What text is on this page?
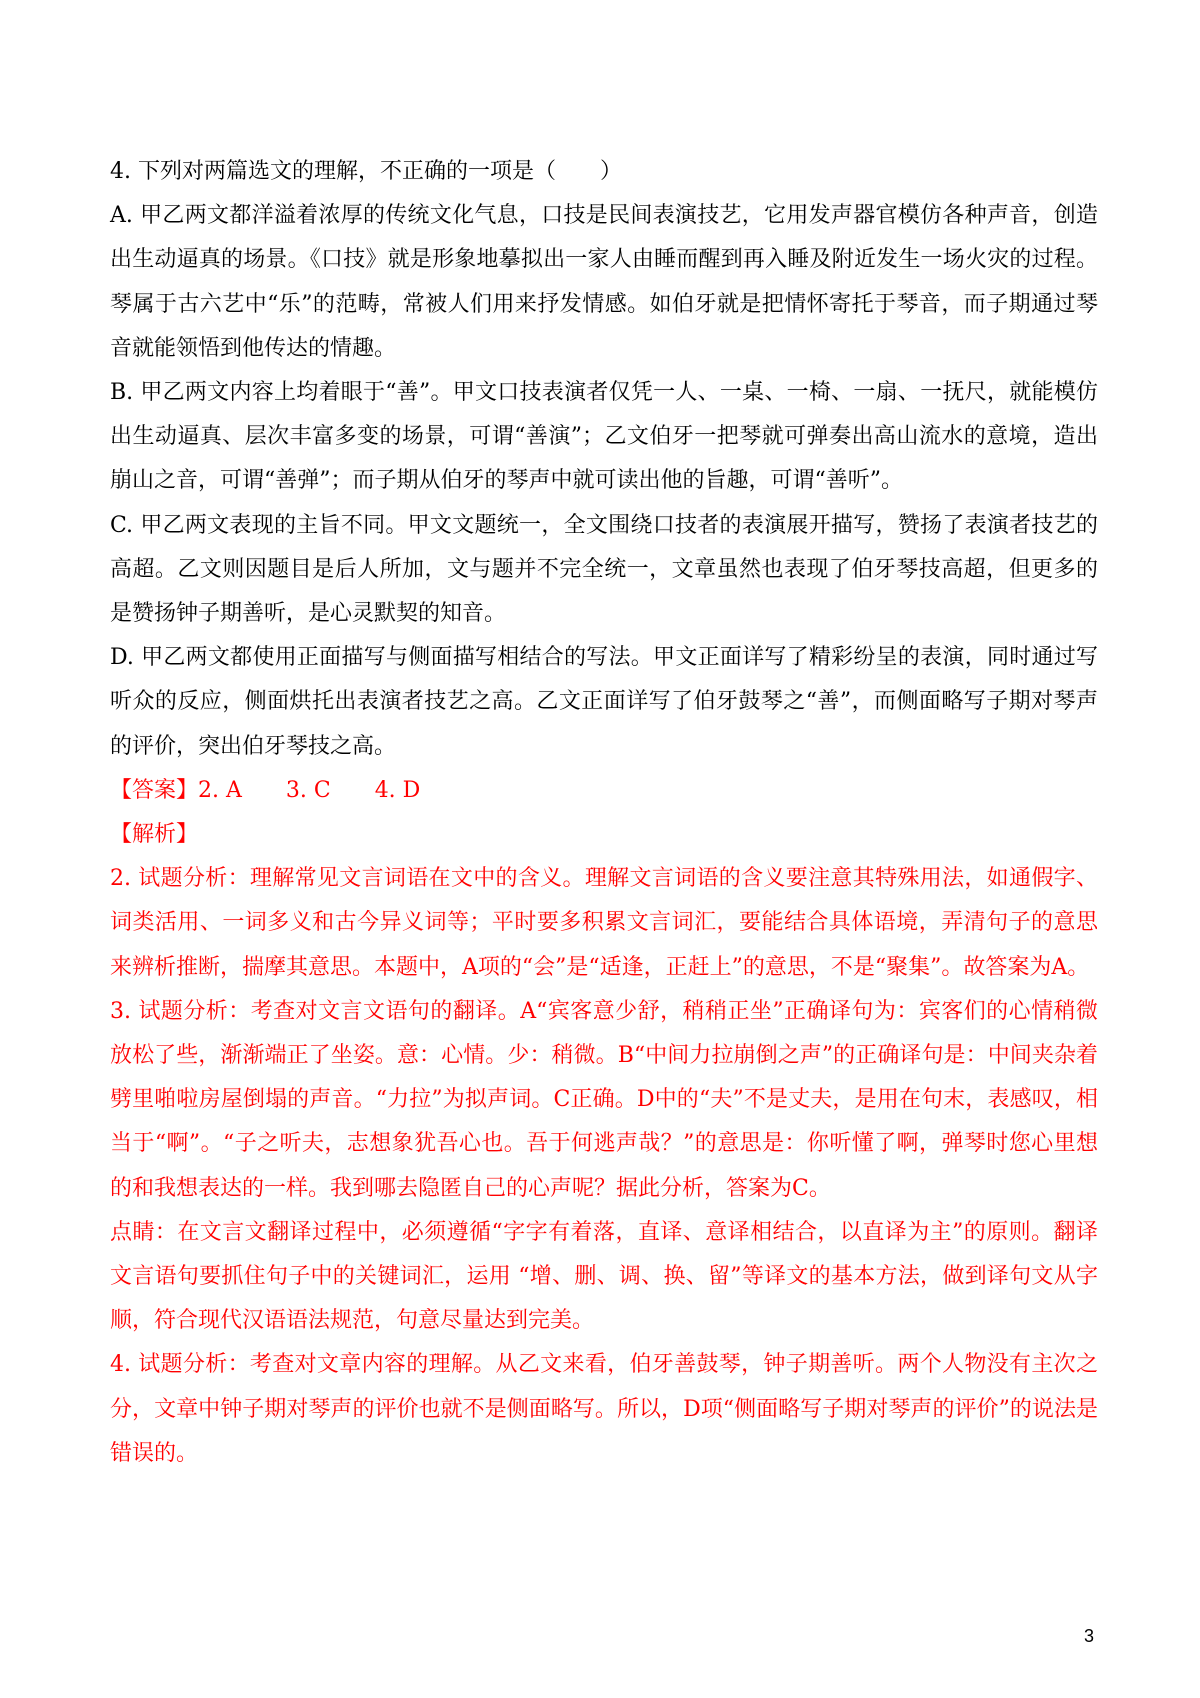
4. 下列对两篇选文的理解，不正确的一项是（　　）

A. 甲乙两文都洋溢着浓厚的传统文化气息，口技是民间表演技艺，它用发声器官模仿各种声音，创造出生动逼真的场景。《口技》就是形象地摹拟出一家人由睡而醒到再入睡及附近发生一场火灾的过程。琴属于古六艺中“乐”的范畴，常被人们用来抒发情感。如伯牙就是把情怀寄托于琴音，而子期通过琴音就能领悟到他传达的情趣。

B. 甲乙两文内容上均着眼于“善”。甲文口技表演者仅凭一人、一桌、一椅、一扇、一抚尺，就能模仿出生动逼真、层次丰富多变的场景，可谓“善演”；乙文伯牙一把琴就可弹奏出高山流水的意境，造出崩山之音，可谓“善弹”；而子期从伯牙的琴声中就可读出他的旨趣，可谓“善听”。

C. 甲乙两文表现的主旨不同。甲文文题统一，全文围绕口技者的表演展开描写，赞扬了表演者技艺的高超。乙文则因题目是后人所加，文与题并不完全统一，文章虽然也表现了伯牙琴技高超，但更多的是赞扬钟子期善听，是心灵默契的知音。

D. 甲乙两文都使用正面描写与侧面描写相结合的写法。甲文正面详写了精彩纷呈的表演，同时通过写听众的反应，侧面烘托出表演者技艺之高。乙文正面详写了伯牙鼓琴之“善”，而侧面略写子期对琴声的评价，突出伯牙琴技之高。

【答案】2. A　　3. C　　4. D

【解析】

2. 试题分析：理解常见文言词语在文中的含义。理解文言词语的含义要注意其特殊用法，如通假字、词类活用、一词多义和古今异义词等；平时要多积累文言词汇，要能结合具体语境，弄清句子的意思来辨析推断，揣摩其意思。本题中，A项的“会”是“适逢，正赶上”的意思，不是“聚集”。故答案为A。

3. 试题分析：考查对文言文语句的翻译。A“宾客意少舒，稍稍正坐”正确译句为：宾客们的心情稍微放松了些，渐渐端正了坐姿。意：心情。少：稍微。B“中间力拉崩倒之声”的正确译句是：中间夹杂着劈里啪啦房屋倒塌的声音。“力拉”为拟声词。C正确。D中的“夫”不是丈夫，是用在句末，表感叹，相当于“啊”。“子之听夫，志想象犹吾心也。吾于何逃声哉？”的意思是：你听懂了啊，弹琴时您心里想的和我想表达的一样。我到哪去隐匿自己的心声呢？据此分析，答案为C。

点睛：在文言文翻译过程中，必须遵循“字字有着落，直译、意译相结合，以直译为主”的原则。翻译文言语句要抓住句子中的关键词汇，运用 “增、删、调、换、留”等译文的基本方法，做到译句文从字顺，符合现代汉语语法规范，句意尽量达到完美。

4. 试题分析：考查对文章内容的理解。从乙文来看，伯牙善鼓琴，钟子期善听。两个人物没有主次之分，文章中钟子期对琴声的评价也就不是侧面略写。所以，D项“侧面略写子期对琴声的评价”的说法是错误的。

3
